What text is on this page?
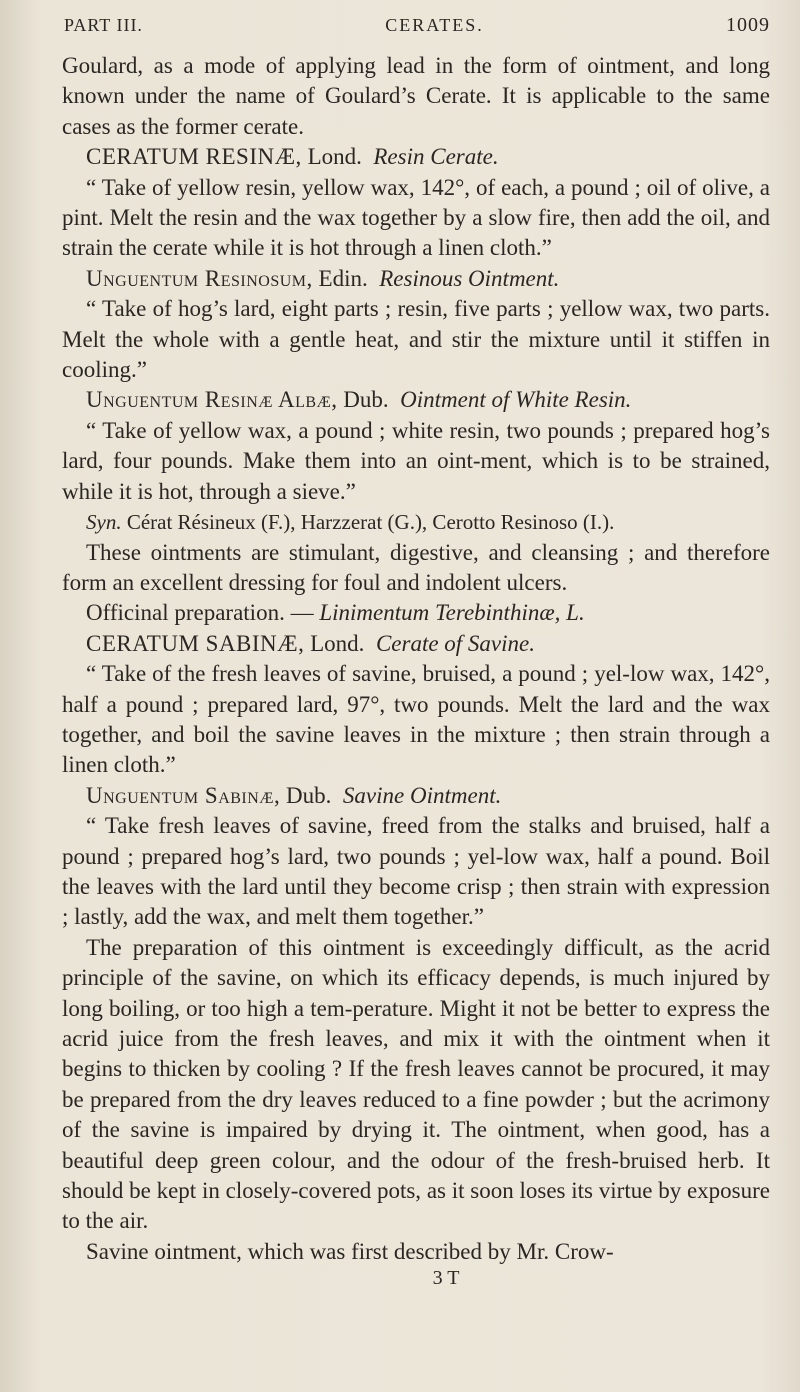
PART III.	CERATES.	1009

Goulard, as a mode of applying lead in the form of ointment, and long known under the name of Goulard’s Cerate. It is applicable to the same cases as the former cerate.

CERATUM RESINÆ, Lond. Resin Cerate.

“ Take of yellow resin, yellow wax, 142°, of each, a pound ; oil of olive, a pint. Melt the resin and the wax together by a slow fire, then add the oil, and strain the cerate while it is hot through a linen cloth.”

Unguentum Resinosum, Edin. Resinous Ointment.

“ Take of hog’s lard, eight parts ; resin, five parts ; yellow wax, two parts. Melt the whole with a gentle heat, and stir the mixture until it stiffen in cooling.”

Unguentum Resinæ Albæ, Dub. Ointment of White Resin.

“ Take of yellow wax, a pound ; white resin, two pounds ; prepared hog’s lard, four pounds. Make them into an oint-ment, which is to be strained, while it is hot, through a sieve.”

Syn. Cérat Résineux (F.), Harzzerat (G.), Cerotto Resinoso (I.).

These ointments are stimulant, digestive, and cleansing ; and therefore form an excellent dressing for foul and indolent ulcers.

Officinal preparation. — Linimentum Terebinthinæ, L.

CERATUM SABINÆ, Lond. Cerate of Savine.

“ Take of the fresh leaves of savine, bruised, a pound ; yel-low wax, 142°, half a pound ; prepared lard, 97°, two pounds. Melt the lard and the wax together, and boil the savine leaves in the mixture ; then strain through a linen cloth.”

Unguentum Sabinæ, Dub. Savine Ointment.

“ Take fresh leaves of savine, freed from the stalks and bruised, half a pound ; prepared hog’s lard, two pounds ; yel-low wax, half a pound. Boil the leaves with the lard until they become crisp ; then strain with expression ; lastly, add the wax, and melt them together.”

The preparation of this ointment is exceedingly difficult, as the acrid principle of the savine, on which its efficacy depends, is much injured by long boiling, or too high a tem-perature. Might it not be better to express the acrid juice from the fresh leaves, and mix it with the ointment when it begins to thicken by cooling ? If the fresh leaves cannot be procured, it may be prepared from the dry leaves reduced to a fine powder ; but the acrimony of the savine is impaired by drying it. The ointment, when good, has a beautiful deep green colour, and the odour of the fresh-bruised herb. It should be kept in closely-covered pots, as it soon loses its virtue by exposure to the air.

Savine ointment, which was first described by Mr. Crow-

3 T
